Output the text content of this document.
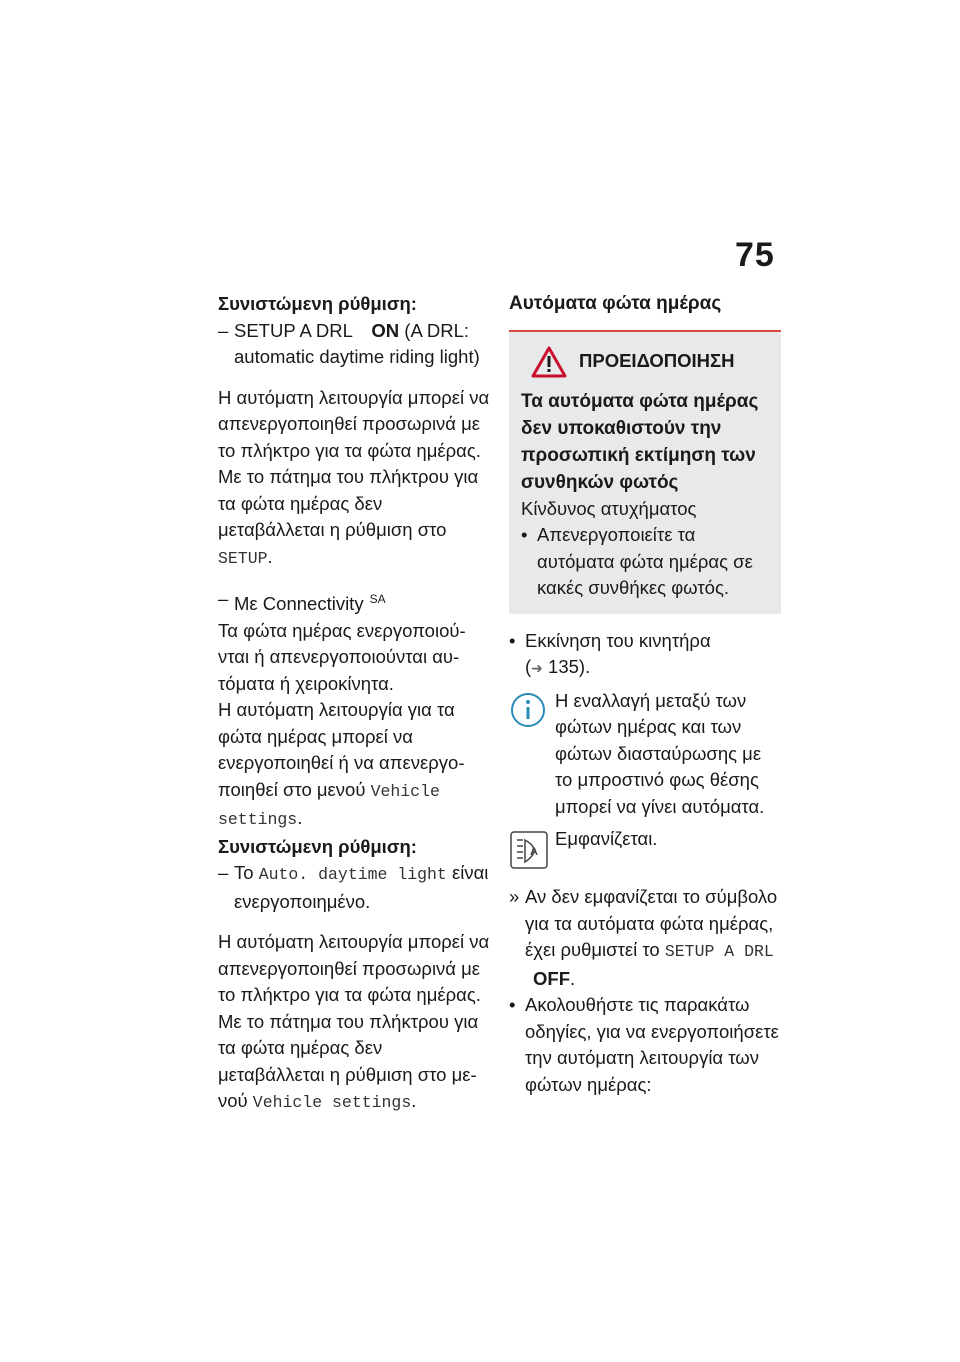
75
Συνιστώμενη ρύθμιση:
– SETUP A DRL ON (A DRL: automatic daytime riding light)
Η αυτόματη λειτουργία μπορεί να απενεργοποιηθεί προσωρινά με το πλήκτρο για τα φώτα ημέρας. Με το πάτημα του πλήκτρου για τα φώτα ημέρας δεν μεταβάλλεται η ρύθμιση στο SETUP.
– Με Connectivity $^{SA}$
Τα φώτα ημέρας ενεργοποιούνται ή απενεργοποιούνται αυτόματα ή χειροκίνητα.
Η αυτόματη λειτουργία για τα φώτα ημέρας μπορεί να ενεργοποιηθεί ή να απενεργοποιηθεί στο μενού Vehicle settings.
Συνιστώμενη ρύθμιση:
– Το Auto. daytime light είναι ενεργοποιημένο.
Η αυτόματη λειτουργία μπορεί να απενεργοποιηθεί προσωρινά με το πλήκτρο για τα φώτα ημέρας. Με το πάτημα του πλήκτρου για τα φώτα ημέρας δεν μεταβάλλεται η ρύθμιση στο μενού Vehicle settings.
Αυτόματα φώτα ημέρας
ΠΡΟΕΙΔΟΠΟΙΗΣΗ
Τα αυτόματα φώτα ημέρας δεν υποκαθιστούν την προσωπική εκτίμηση των συνθηκών φωτός
Κίνδυνος ατυχήματος
• Απενεργοποιείτε τα αυτόματα φώτα ημέρας σε κακές συνθήκες φωτός.
• Εκκίνηση του κινητήρα
(➜ 135).
Η εναλλαγή μεταξύ των φώτων ημέρας και των φώτων διασταύρωσης με το μπροστινό φως θέσης μπορεί να γίνει αυτόματα.
A
Εμφανίζεται.
» Αν δεν εμφανίζεται το σύμβολο για τα αυτόματα φώτα ημέρας, έχει ρυθμιστεί το SETUP A DRL OFF.
• Ακολουθήστε τις παρακάτω οδηγίες, για να ενεργοποιήσετε την αυτόματη λειτουργία των φώτων ημέρας:
